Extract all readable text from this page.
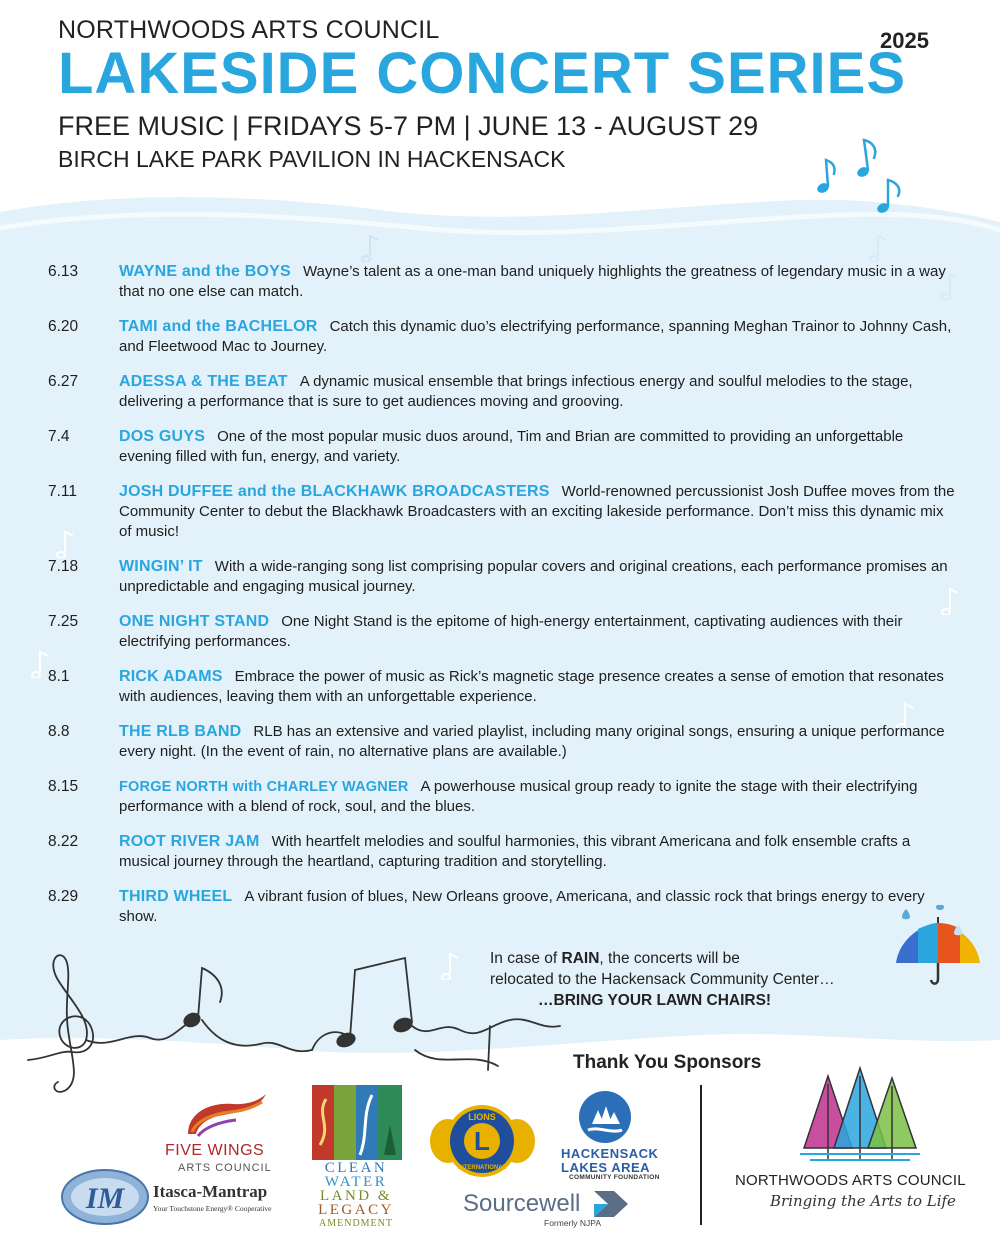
NORTHWOODS ARTS COUNCIL	2025
LAKESIDE CONCERT SERIES
FREE MUSIC | FRIDAYS 5-7 PM | JUNE 13 - AUGUST 29
BIRCH LAKE PARK PAVILION IN HACKENSACK
6.13	WAYNE and the BOYS Wayne’s talent as a one-man band uniquely highlights the greatness of legendary music in a way that no one else can match.
6.20	TAMI and the BACHELOR Catch this dynamic duo’s electrifying performance, spanning Meghan Trainor to Johnny Cash, and Fleetwood Mac to Journey.
6.27	ADESSA & THE BEAT A dynamic musical ensemble that brings infectious energy and soulful melodies to the stage, delivering a performance that is sure to get audiences moving and grooving.
7.4	DOS GUYS One of the most popular music duos around, Tim and Brian are committed to providing an unforgettable evening filled with fun, energy, and variety.
7.11	JOSH DUFFEE and the BLACKHAWK BROADCASTERS World-renowned percussionist Josh Duffee moves from the Community Center to debut the Blackhawk Broadcasters with an exciting lakeside performance. Don’t miss this dynamic mix of music!
7.18	WINGIN’ IT With a wide-ranging song list comprising popular covers and original creations, each performance promises an unpredictable and engaging musical journey.
7.25	ONE NIGHT STAND One Night Stand is the epitome of high-energy entertainment, captivating audiences with their electrifying performances.
8.1	RICK ADAMS Embrace the power of music as Rick’s magnetic stage presence creates a sense of emotion that resonates with audiences, leaving them with an unforgettable experience.
8.8	THE RLB BAND RLB has an extensive and varied playlist, including many original songs, ensuring a unique performance every night. (In the event of rain, no alternative plans are available.)
8.15	FORGE NORTH with CHARLEY WAGNER A powerhouse musical group ready to ignite the stage with their electrifying performance with a blend of rock, soul, and the blues.
8.22	ROOT RIVER JAM With heartfelt melodies and soulful harmonies, this vibrant Americana and folk ensemble crafts a musical journey through the heartland, capturing tradition and storytelling.
8.29	THIRD WHEEL A vibrant fusion of blues, New Orleans groove, Americana, and classic rock that brings energy to every show.
In case of RAIN, the concerts will be
relocated to the Hackensack Community Center…
…BRING YOUR LAWN CHAIRS!
Thank You Sponsors
FIVE WINGS
ARTS COUNCIL
IM Itasca-Mantrap
Your Touchstone Energy® Cooperative
CLEAN
WATER
LAND &
LEGACY
AMENDMENT
L
LIONS
INTERNATIONAL
HACKENSACK
LAKES AREA
COMMUNITY FOUNDATION
Sourcewell
Formerly NJPA
NORTHWOODS ARTS COUNCIL
Bringing the Arts to Life
